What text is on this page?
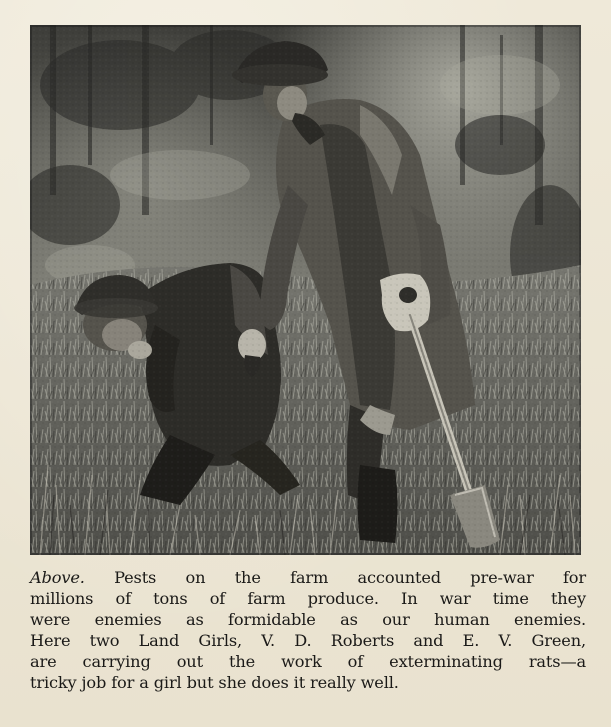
Above. Pests on the farm accounted pre-war for
millions of tons of farm produce. In war time they
were enemies as formidable as our human enemies.
Here two Land Girls, V. D. Roberts and E. V. Green,
are carrying out the work of exterminating rats—a
tricky job for a girl but she does it really well.
